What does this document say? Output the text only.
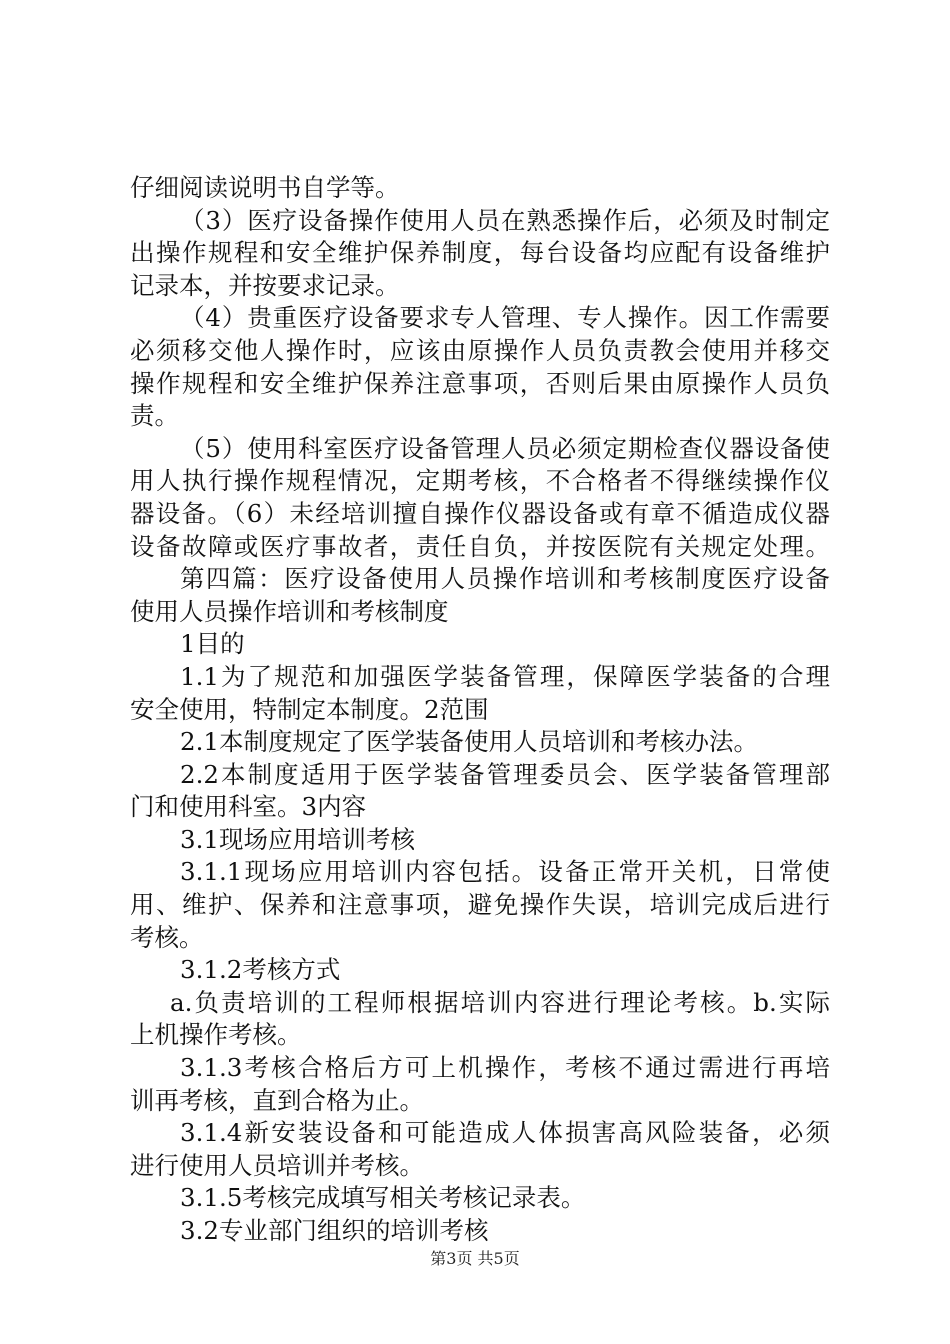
仔细阅读说明书自学等。
（3）医疗设备操作使用人员在熟悉操作后，必须及时制定
出操作规程和安全维护保养制度，每台设备均应配有设备维护
记录本，并按要求记录。
（4）贵重医疗设备要求专人管理、专人操作。因工作需要
必须移交他人操作时，应该由原操作人员负责教会使用并移交
操作规程和安全维护保养注意事项，否则后果由原操作人员负
责。
（5）使用科室医疗设备管理人员必须定期检查仪器设备使
用人执行操作规程情况，定期考核，不合格者不得继续操作仪
器设备。（6）未经培训擅自操作仪器设备或有章不循造成仪器
设备故障或医疗事故者，责任自负，并按医院有关规定处理。
第四篇：医疗设备使用人员操作培训和考核制度医疗设备
使用人员操作培训和考核制度
1目的
1.1为了规范和加强医学装备管理，保障医学装备的合理
安全使用，特制定本制度。2范围
2.1本制度规定了医学装备使用人员培训和考核办法。
2.2本制度适用于医学装备管理委员会、医学装备管理部
门和使用科室。3内容
3.1现场应用培训考核
3.1.1现场应用培训内容包括。设备正常开关机，日常使
用、维护、保养和注意事项，避免操作失误，培训完成后进行
考核。
3.1.2考核方式
a.负责培训的工程师根据培训内容进行理论考核。b.实际
上机操作考核。
3.1.3考核合格后方可上机操作，考核不通过需进行再培
训再考核，直到合格为止。
3.1.4新安装设备和可能造成人体损害高风险装备，必须
进行使用人员培训并考核。
3.1.5考核完成填写相关考核记录表。
3.2专业部门组织的培训考核
第3页 共5页
